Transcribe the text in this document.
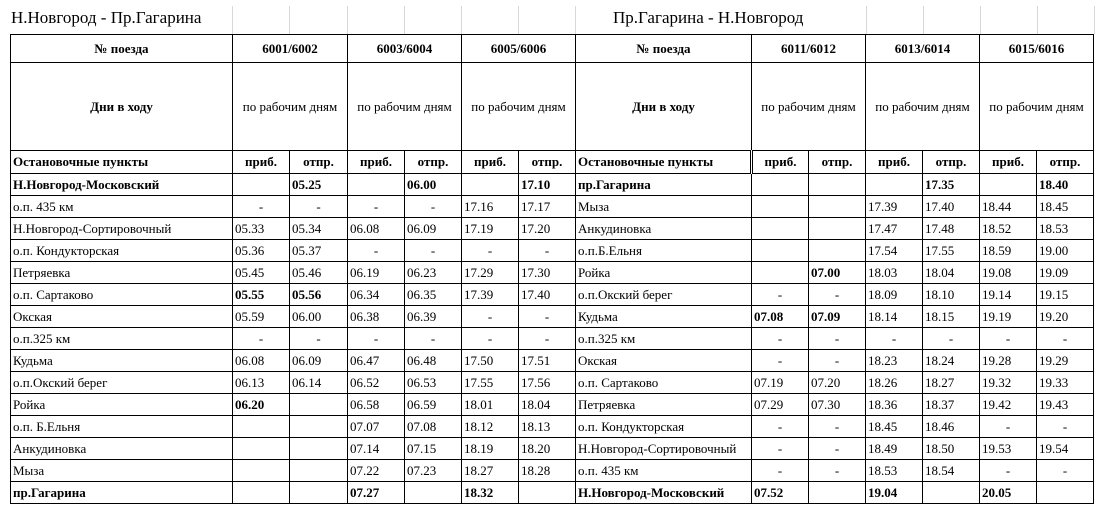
Н.Новгород - Пр.Гагарина	Пр.Гагарина - Н.Новгород
№ поезда	6001/6002		6003/6004		6005/6006		№ поезда	6011/6012		6013/6014		6015/6016	
Дни в ходу	по рабочим дням		по рабочим дням		по рабочим дням		Дни в ходу	по рабочим дням		по рабочим дням		по рабочим дням	
Остановочные пункты	приб.	отпр.	приб.	отпр.	приб.	отпр.	Остановочные пункты	приб.	отпр.	приб.	отпр.	приб.	отпр.
Н.Новгород-Московский		05.25		06.00		17.10	пр.Гагарина				17.35		18.40
о.п. 435 км	-	-	-	-	17.16	17.17	Мыза			17.39	17.40	18.44	18.45
Н.Новгород-Сортировочный	05.33	05.34	06.08	06.09	17.19	17.20	Анкудиновка			17.47	17.48	18.52	18.53
о.п. Кондукторская	05.36	05.37	-	-	-	-	о.п.Б.Ельня			17.54	17.55	18.59	19.00
Петряевка	05.45	05.46	06.19	06.23	17.29	17.30	Ройка		07.00	18.03	18.04	19.08	19.09
о.п. Сартаково	05.55	05.56	06.34	06.35	17.39	17.40	о.п.Окский берег	-	-	18.09	18.10	19.14	19.15
Окская	05.59	06.00	06.38	06.39	-	-	Кудьма	07.08	07.09	18.14	18.15	19.19	19.20
о.п.325 км	-	-	-	-	-	-	о.п.325 км	-	-	-	-	-	-
Кудьма	06.08	06.09	06.47	06.48	17.50	17.51	Окская	-	-	18.23	18.24	19.28	19.29
о.п.Окский берег	06.13	06.14	06.52	06.53	17.55	17.56	о.п. Сартаково	07.19	07.20	18.26	18.27	19.32	19.33
Ройка	06.20		06.58	06.59	18.01	18.04	Петряевка	07.29	07.30	18.36	18.37	19.42	19.43
о.п. Б.Ельня			07.07	07.08	18.12	18.13	о.п. Кондукторская	-	-	18.45	18.46	-	-
Анкудиновка			07.14	07.15	18.19	18.20	Н.Новгород-Сортировочный	-	-	18.49	18.50	19.53	19.54
Мыза			07.22	07.23	18.27	18.28	о.п. 435 км	-	-	18.53	18.54	-	-
пр.Гагарина			07.27		18.32		Н.Новгород-Московский	07.52		19.04		20.05	
